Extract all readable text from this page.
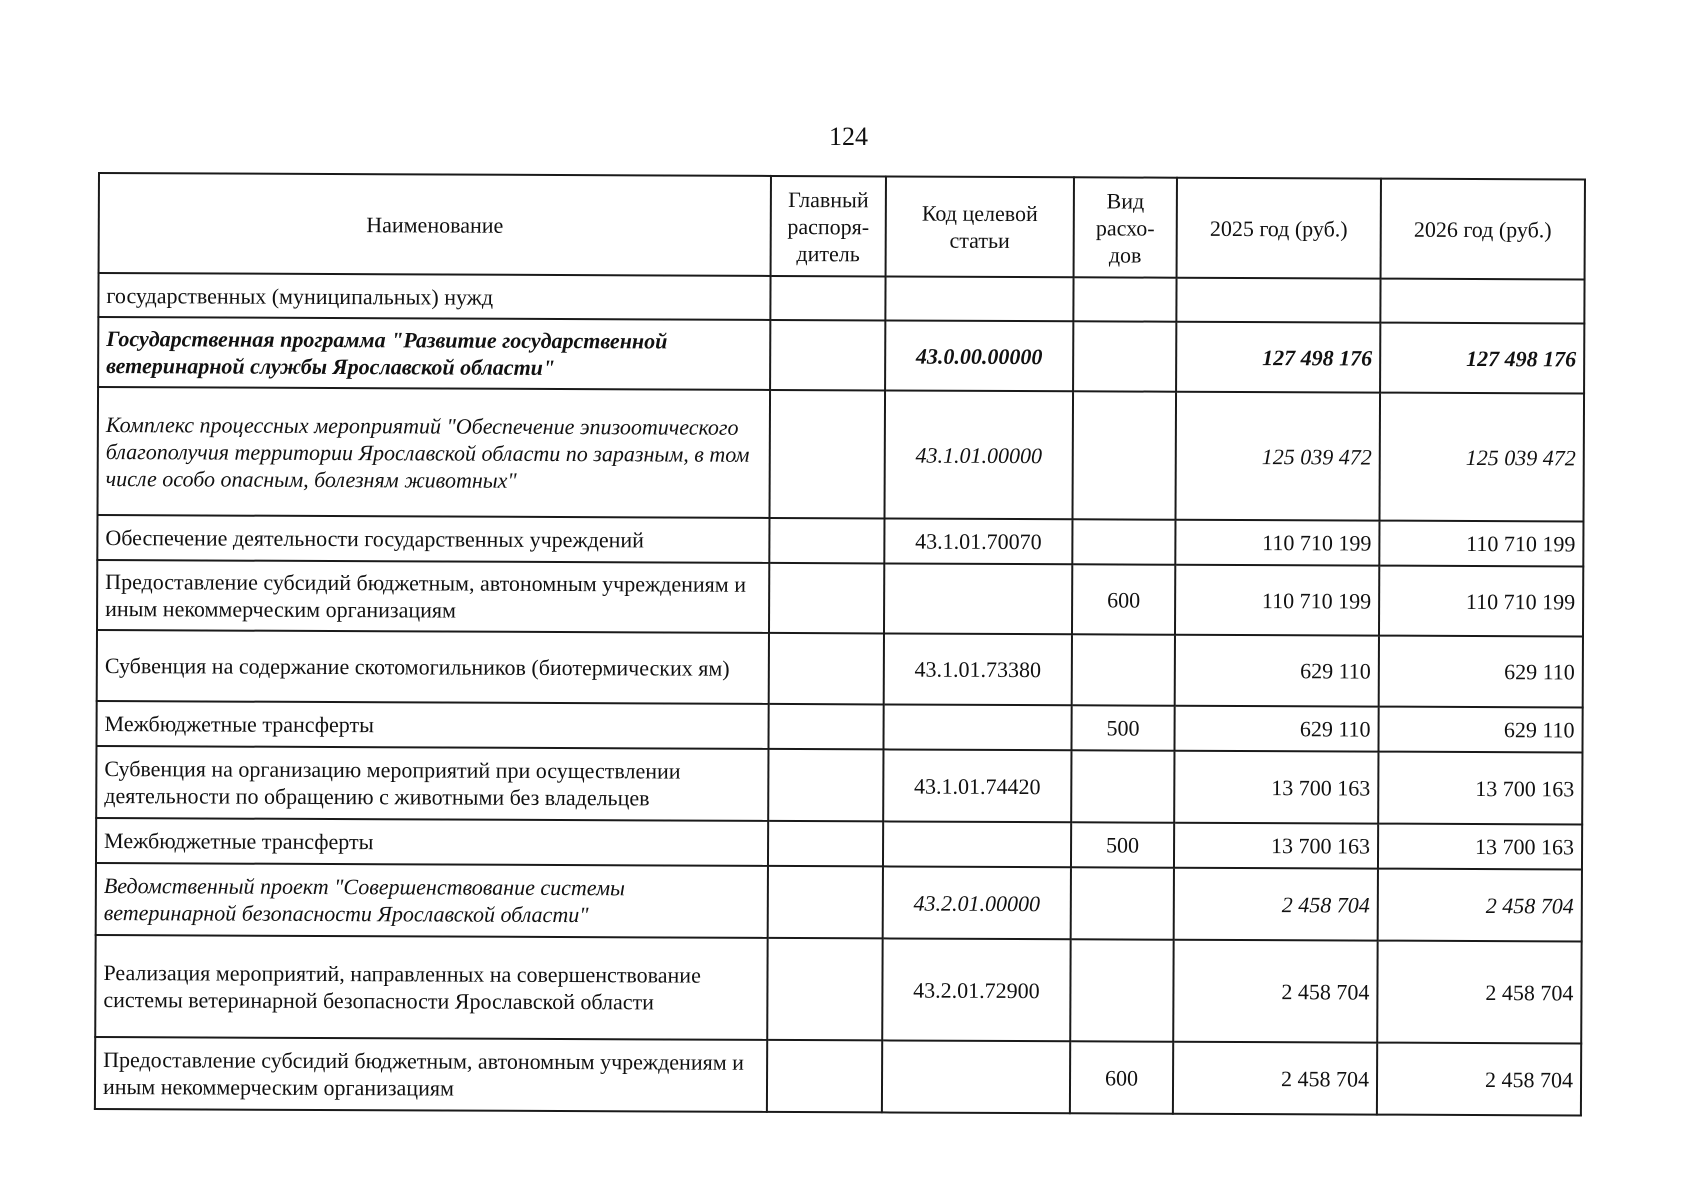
124
Наименование	Главный распоря-дитель	Код целевой статьи	Вид расхо-дов	2025 год (руб.)	2026 год (руб.)
государственных (муниципальных) нужд					
Государственная программа "Развитие государственной ветеринарной службы Ярославской области"		43.0.00.00000		127 498 176	127 498 176
Комплекс процессных мероприятий "Обеспечение эпизоотического благополучия территории Ярославской области по заразным, в том числе особо опасным, болезням животных"		43.1.01.00000		125 039 472	125 039 472
Обеспечение деятельности государственных учреждений		43.1.01.70070		110 710 199	110 710 199
Предоставление субсидий бюджетным, автономным учреждениям и иным некоммерческим организациям			600	110 710 199	110 710 199
Субвенция на содержание скотомогильников (биотермических ям)		43.1.01.73380		629 110	629 110
Межбюджетные трансферты			500	629 110	629 110
Субвенция на организацию мероприятий при осуществлении деятельности по обращению с животными без владельцев		43.1.01.74420		13 700 163	13 700 163
Межбюджетные трансферты			500	13 700 163	13 700 163
Ведомственный проект "Совершенствование системы ветеринарной безопасности Ярославской области"		43.2.01.00000		2 458 704	2 458 704
Реализация мероприятий, направленных на совершенствование системы ветеринарной безопасности Ярославской области		43.2.01.72900		2 458 704	2 458 704
Предоставление субсидий бюджетным, автономным учреждениям и иным некоммерческим организациям			600	2 458 704	2 458 704
